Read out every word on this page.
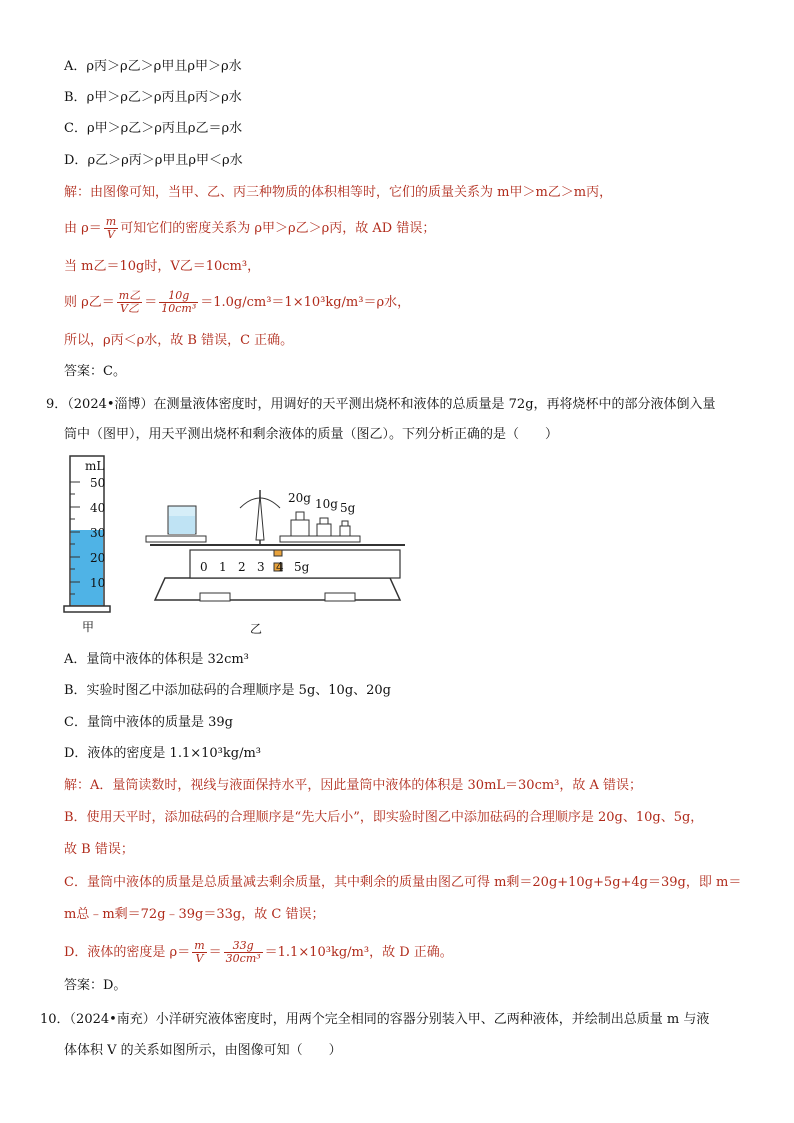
A．ρ丙＞ρ乙＞ρ甲且ρ甲＞ρ水
B．ρ甲＞ρ乙＞ρ丙且ρ丙＞ρ水
C．ρ甲＞ρ乙＞ρ丙且ρ乙＝ρ水
D．ρ乙＞ρ丙＞ρ甲且ρ甲＜ρ水
解：由图像可知，当甲、乙、丙三种物质的体积相等时，它们的质量关系为 m甲＞m乙＞m丙，
由 $\rho= \frac{m}{V}$ 可知它们的密度关系为 ρ甲＞ρ乙＞ρ丙，故 AD 错误；
当 m乙＝10g时，V乙＝10cm³，
则 ρ乙＝ $\frac{\text{m乙}}{\text{V乙}} = \frac{10g}{\text{10cm³}} =1.0g/cm^3=1\times 10^3kg/m^3=\rho$水，
所以，ρ丙＜ρ水，故 B 错误，C 正确。
答案：C。
9．（2024•淄博）在测量液体密度时，用调好的天平测出烧杯和液体的总质量是 72g，再将烧杯中的部分液体倒入量
筒中（图甲），用天平测出烧杯和剩余液体的质量（图乙）。下列分析正确的是（　　）
mL
50
40
30
20
10
甲
20g 10g 5g
0 1 2 3 4 5g
乙
A．量筒中液体的体积是 32cm³
B．实验时图乙中添加砝码的合理顺序是 5g、10g、20g
C．量筒中液体的质量是 39g
D．液体的密度是 1.1×10³kg/m³
解：A．量筒读数时，视线与液面保持水平，因此量筒中液体的体积是 30mL＝30cm³，故 A 错误；
B．使用天平时，添加砝码的合理顺序是“先大后小”，即实验时图乙中添加砝码的合理顺序是 20g、10g、5g，
故 B 错误；
C．量筒中液体的质量是总质量减去剩余质量，其中剩余的质量由图乙可得 m剩＝20g+10g+5g+4g＝39g，即 m＝
m总﹣m剩＝72g﹣39g＝33g，故 C 错误；
D．液体的密度是 $\rho= \frac{m}{V} = \frac{33g}{\text{30cm³}} =1.1\times 10^3kg/m^3$，故 D 正确。
答案：D。
10．（2024•南充）小洋研究液体密度时，用两个完全相同的容器分别装入甲、乙两种液体，并绘制出总质量 m 与液
体体积 V 的关系如图所示，由图像可知（　　）
